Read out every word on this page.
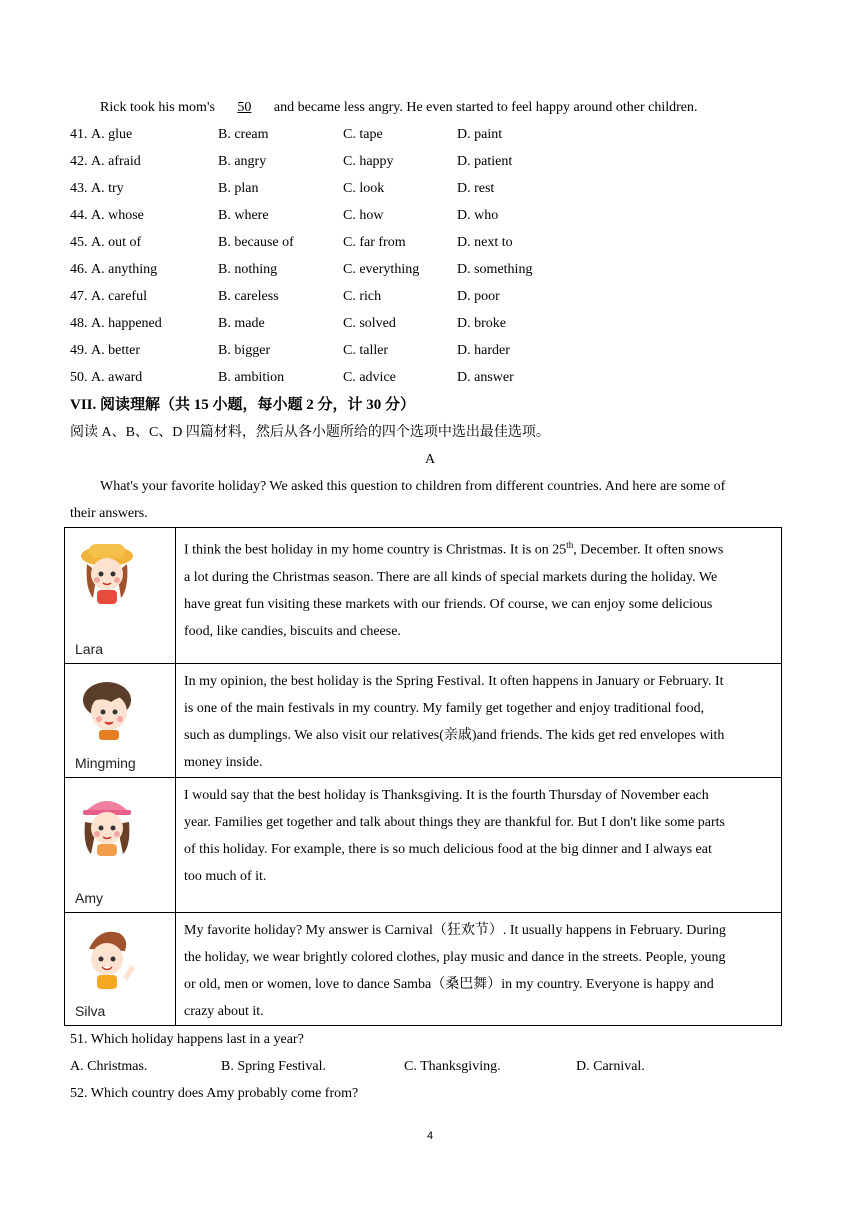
Rick took his mom's 50 and became less angry. He even started to feel happy around other children.
41. A. glue	B. cream	C. tape	D. paint
42. A. afraid	B. angry	C. happy	D. patient
43. A. try	B. plan	C. look	D. rest
44. A. whose	B. where	C. how	D. who
45. A. out of	B. because of	C. far from	D. next to
46. A. anything	B. nothing	C. everything	D. something
47. A. careful	B. careless	C. rich	D. poor
48. A. happened	B. made	C. solved	D. broke
49. A. better	B. bigger	C. taller	D. harder
50. A. award	B. ambition	C. advice	D. answer
VII. 阅读理解（共 15 小题，每小题 2 分，计 30 分）
阅读 A、B、C、D 四篇材料，然后从各小题所给的四个选项中选出最佳选项。
A
What's your favorite holiday? We asked this question to children from different countries. And here are some of
their answers.
Lara	I think the best holiday in my home country is Christmas. It is on 25th, December. It often snows
a lot during the Christmas season. There are all kinds of special markets during the holiday. We
have great fun visiting these markets with our friends. Of course, we can enjoy some delicious
food, like candies, biscuits and cheese.

Mingming	In my opinion, the best holiday is the Spring Festival. It often happens in January or February. It
is one of the main festivals in my country. My family get together and enjoy traditional food,
such as dumplings. We also visit our relatives(亲戚)and friends. The kids get red envelopes with
money inside.

Amy	I would say that the best holiday is Thanksgiving. It is the fourth Thursday of November each
year. Families get together and talk about things they are thankful for. But I don't like some parts
of this holiday. For example, there is so much delicious food at the big dinner and I always eat
too much of it.

Silva	My favorite holiday? My answer is Carnival（狂欢节）. It usually happens in February. During
the holiday, we wear brightly colored clothes, play music and dance in the streets. People, young
or old, men or women, love to dance Samba（桑巴舞）in my country. Everyone is happy and
crazy about it.
51. Which holiday happens last in a year?
A. Christmas.	B. Spring Festival.	C. Thanksgiving.	D. Carnival.
52. Which country does Amy probably come from?
4
